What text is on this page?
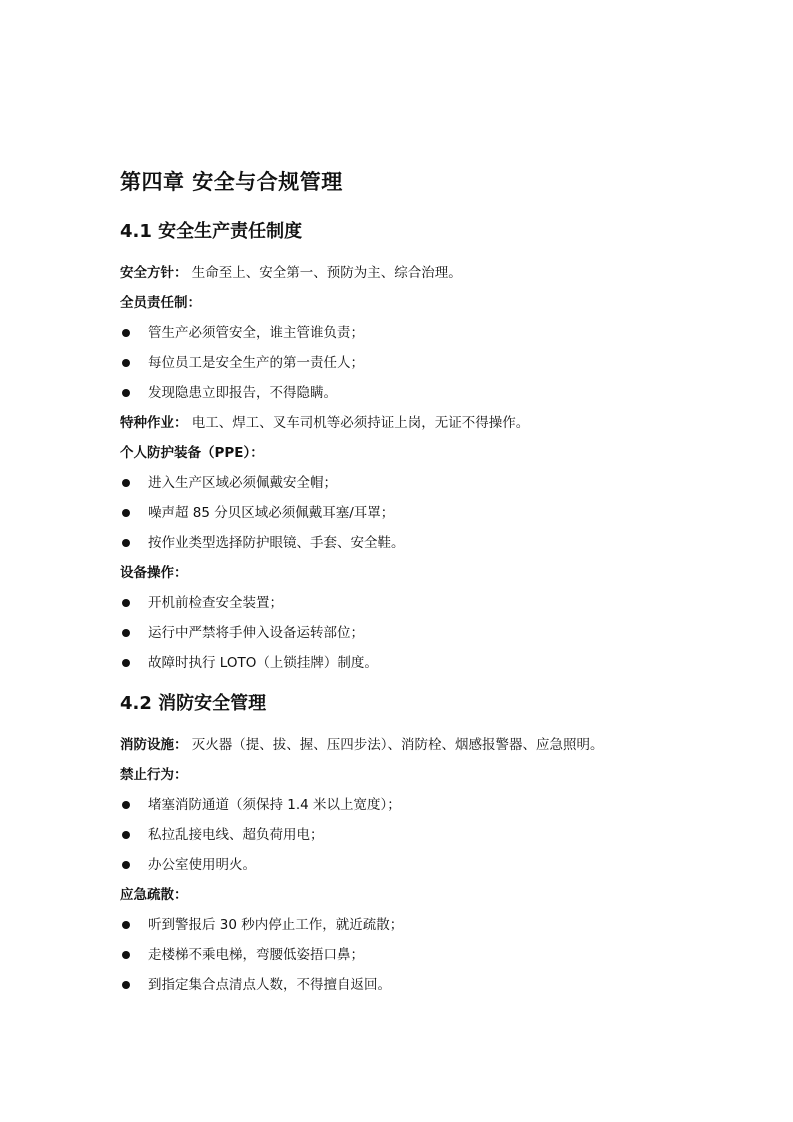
第四章 安全与合规管理
4.1 安全生产责任制度
安全方针： 生命至上、安全第一、预防为主、综合治理。
全员责任制：
管生产必须管安全，谁主管谁负责；
每位员工是安全生产的第一责任人；
发现隐患立即报告，不得隐瞒。
特种作业： 电工、焊工、叉车司机等必须持证上岗，无证不得操作。
个人防护装备（PPE）：
进入生产区域必须佩戴安全帽；
噪声超 85 分贝区域必须佩戴耳塞/耳罩；
按作业类型选择防护眼镜、手套、安全鞋。
设备操作：
开机前检查安全装置；
运行中严禁将手伸入设备运转部位；
故障时执行 LOTO（上锁挂牌）制度。
4.2 消防安全管理
消防设施： 灭火器（提、拔、握、压四步法）、消防栓、烟感报警器、应急照明。
禁止行为：
堵塞消防通道（须保持 1.4 米以上宽度）；
私拉乱接电线、超负荷用电；
办公室使用明火。
应急疏散：
听到警报后 30 秒内停止工作，就近疏散；
走楼梯不乘电梯，弯腰低姿捂口鼻；
到指定集合点清点人数，不得擅自返回。
